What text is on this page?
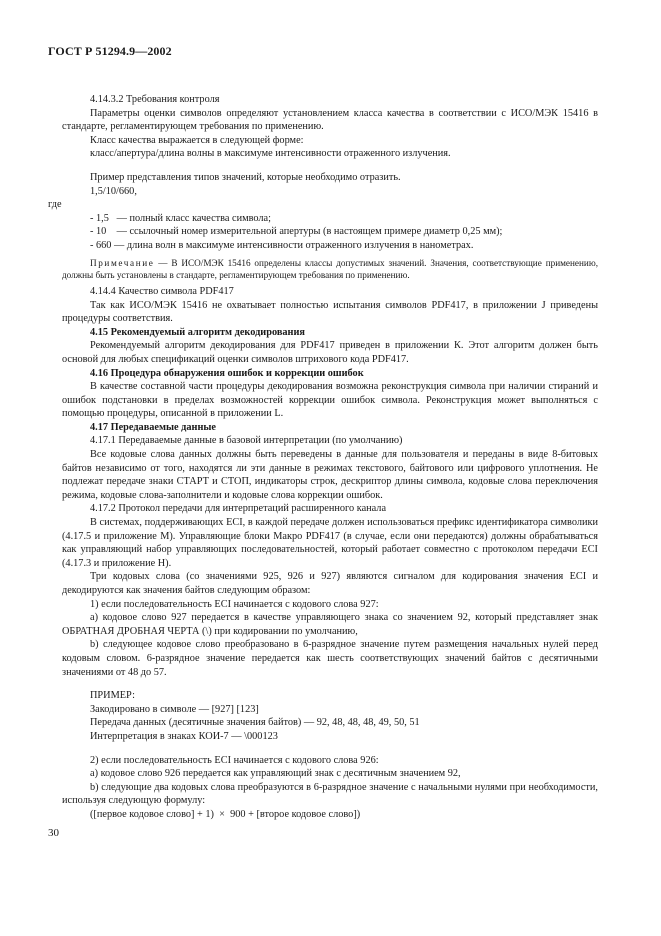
ГОСТ Р 51294.9—2002

4.14.3.2 Требования контроля

Параметры оценки символов определяют установлением класса качества в соответствии с ИСО/МЭК 15416 в стандарте, регламентирующем требования по применению.

Класс качества выражается в следующей форме:

класс/апертура/длина волны в максимуме интенсивности отраженного излучения.

Пример представления типов значений, которые необходимо отразить.

1,5/10/660,

где

- 1,5   — полный класс качества символа;

- 10    — ссылочный номер измерительной апертуры (в настоящем примере диаметр 0,25 мм);

- 660 — длина волн в максимуме интенсивности отраженного излучения в нанометрах.

Примечание — В ИСО/МЭК 15416 определены классы допустимых значений. Значения, соответствующие применению, должны быть установлены в стандарте, регламентирующем требования по применению.

4.14.4 Качество символа PDF417

Так как ИСО/МЭК 15416 не охватывает полностью испытания символов PDF417, в приложении J приведены процедуры соответствия.

4.15 Рекомендуемый алгоритм декодирования

Рекомендуемый алгоритм декодирования для PDF417 приведен в приложении К. Этот алгоритм должен быть основой для любых спецификаций оценки символов штрихового кода PDF417.

4.16 Процедура обнаружения ошибок и коррекции ошибок

В качестве составной части процедуры декодирования возможна реконструкция символа при наличии стираний и ошибок подстановки в пределах возможностей коррекции ошибок символа. Реконструкция может выполняться с помощью процедуры, описанной в приложении L.

4.17 Передаваемые данные

4.17.1 Передаваемые данные в базовой интерпретации (по умолчанию)

Все кодовые слова данных должны быть переведены в данные для пользователя и переданы в виде 8-битовых байтов независимо от того, находятся ли эти данные в режимах текстового, байтового или цифрового уплотнения. Не подлежат передаче знаки СТАРТ и СТОП, индикаторы строк, дескриптор длины символа, кодовые слова переключения режима, кодовые слова-заполнители и кодовые слова коррекции ошибок.

4.17.2 Протокол передачи для интерпретаций расширенного канала

В системах, поддерживающих ECI, в каждой передаче должен использоваться префикс идентификатора символики (4.17.5 и приложение М). Управляющие блоки Макро PDF417 (в случае, если они передаются) должны обрабатываться как управляющий набор управляющих последовательностей, который работает совместно с протоколом передачи ECI (4.17.3 и приложение Н).

Три кодовых слова (со значениями 925, 926 и 927) являются сигналом для кодирования значения ECI и декодируются как значения байтов следующим образом:

1) если последовательность ECI начинается с кодового слова 927:

а) кодовое слово 927 передается в качестве управляющего знака со значением 92, который представляет знак ОБРАТНАЯ ДРОБНАЯ ЧЕРТА (\) при кодировании по умолчанию,

b) следующее кодовое слово преобразовано в 6-разрядное значение путем размещения начальных нулей перед кодовым словом. 6-разрядное значение передается как шесть соответствующих значений байтов с десятичными значениями от 48 до 57.

ПРИМЕР:

Закодировано в символе — [927] [123]

Передача данных (десятичные значения байтов) — 92, 48, 48, 48, 49, 50, 51

Интерпретация в знаках КОИ-7 — \000123

2) если последовательность ECI начинается с кодового слова 926:

а) кодовое слово 926 передается как управляющий знак с десятичным значением 92,

b) следующие два кодовых слова преобразуются в 6-разрядное значение с начальными нулями при необходимости, используя следующую формулу:

([первое кодовое слово] + 1)  ×  900 + [второе кодовое слово])

30
